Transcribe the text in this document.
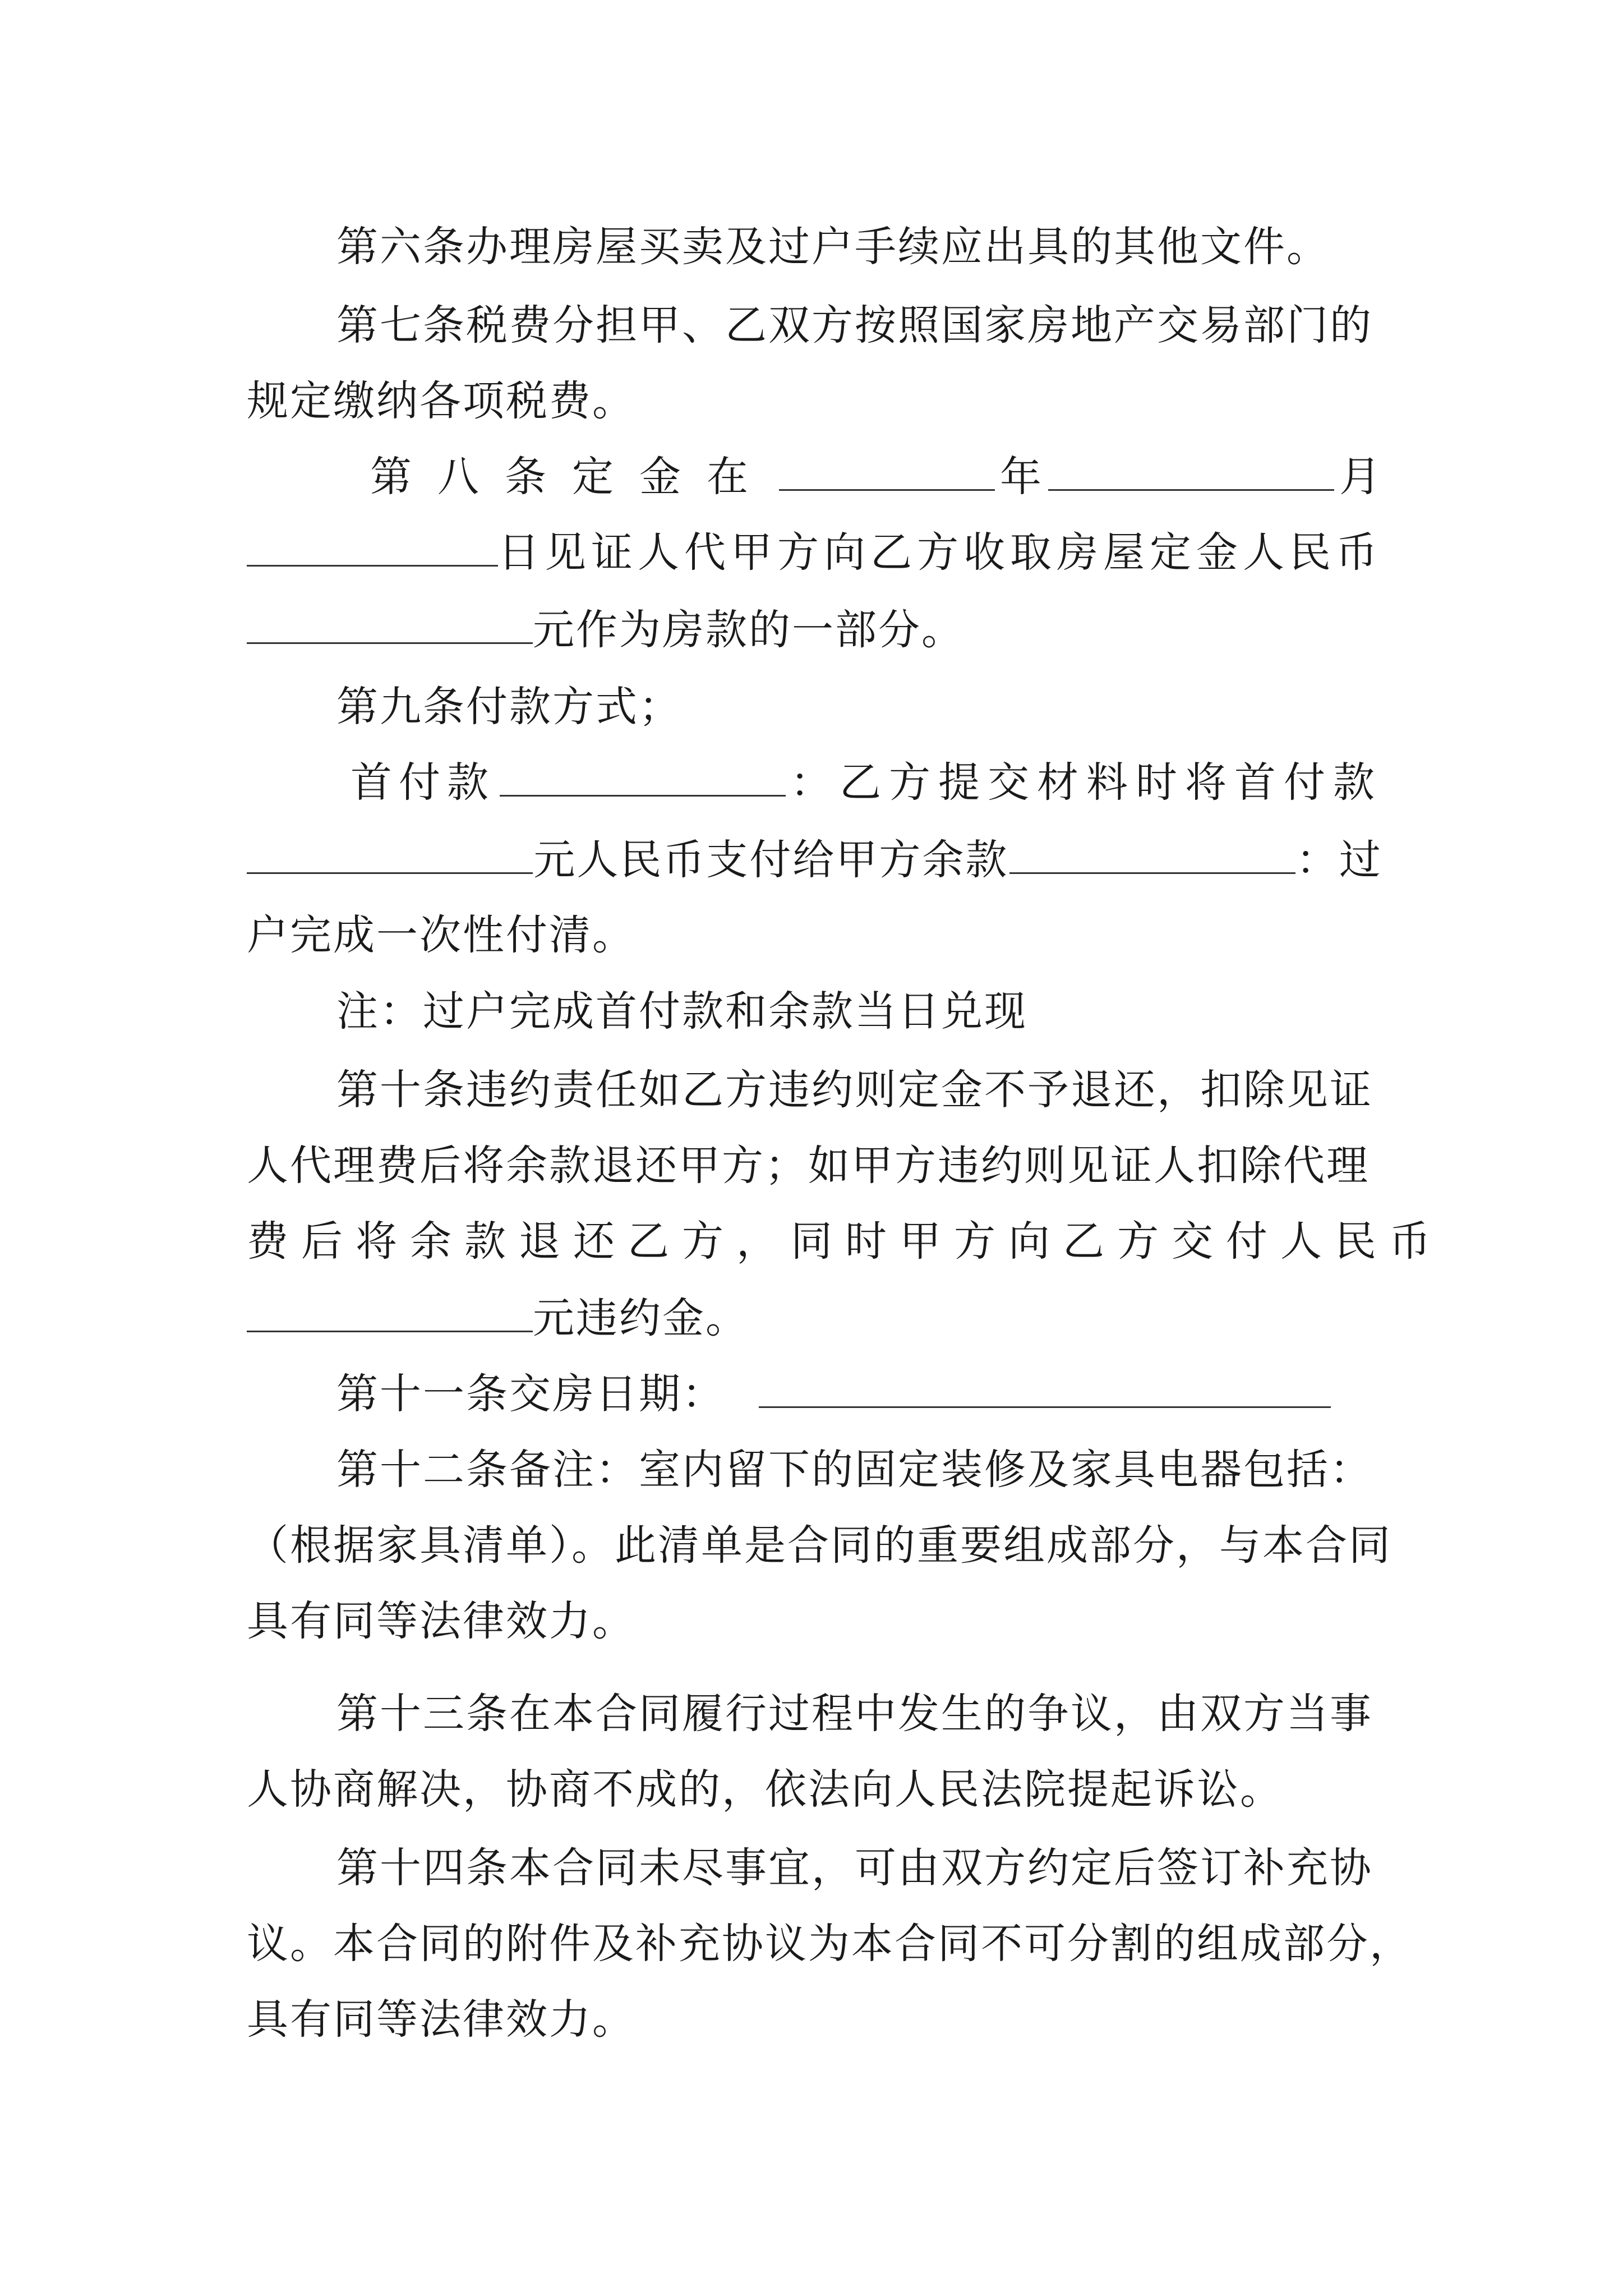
第六条办理房屋买卖及过户手续应出具的其他文件。
第七条税费分担甲、乙双方按照国家房地产交易部门的
规定缴纳各项税费。
第八条定金在	年	月
日见证人代甲方向乙方收取房屋定金人民币
元作为房款的一部分。
第九条付款方式；
首付款	：乙方提交材料时将首付款
元人民币支付给甲方余款	：过
户完成一次性付清。
注：过户完成首付款和余款当日兑现
第十条违约责任如乙方违约则定金不予退还，扣除见证
人代理费后将余款退还甲方；如甲方违约则见证人扣除代理
费后将余款退还乙方，同时甲方向乙方交付人民币
元违约金。
第十一条交房日期：
第十二条备注：室内留下的固定装修及家具电器包括：
（根据家具清单）。此清单是合同的重要组成部分，与本合同
具有同等法律效力。
第十三条在本合同履行过程中发生的争议，由双方当事
人协商解决，协商不成的，依法向人民法院提起诉讼。
第十四条本合同未尽事宜，可由双方约定后签订补充协
议。本合同的附件及补充协议为本合同不可分割的组成部分，
具有同等法律效力。
